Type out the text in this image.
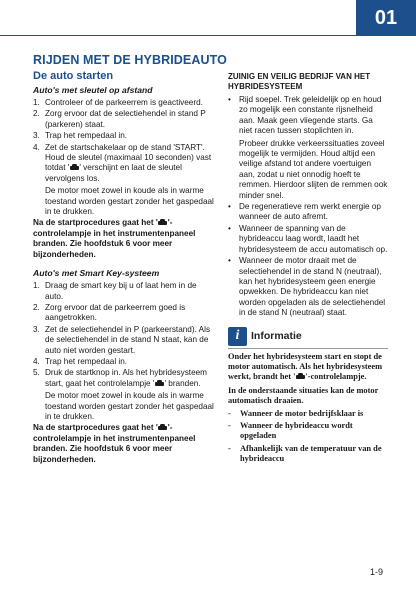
01
RIJDEN MET DE HYBRIDEAUTO
De auto starten
Auto's met sleutel op afstand
1. Controleer of de parkeerrem is geactiveerd.
2. Zorg ervoor dat de selectiehendel in stand P (parkeren) staat.
3. Trap het rempedaal in.
4. Zet de startschakelaar op de stand 'START'. Houd de sleutel (maximaal 10 seconden) vast totdat ' ' verschijnt en laat de sleutel vervolgens los.
De motor moet zowel in koude als in warme toestand worden gestart zonder het gaspedaal in te drukken.
Na de startprocedures gaat het ' '-controlelampje in het instrumentenpaneel branden. Zie hoofdstuk 6 voor meer bijzonderheden.
Auto's met Smart Key-systeem
1. Draag de smart key bij u of laat hem in de auto.
2. Zorg ervoor dat de parkeerrem goed is aangetrokken.
3. Zet de selectiehendel in P (parkeerstand). Als de selectiehendel in de stand N staat, kan de auto niet worden gestart.
4. Trap het rempedaal in.
5. Druk de startknop in. Als het hybridesysteem start, gaat het controlelampje ' ' branden.
De motor moet zowel in koude als in warme toestand worden gestart zonder het gaspedaal in te drukken.
Na de startprocedures gaat het ' '-controlelampje in het instrumentenpaneel branden. Zie hoofdstuk 6 voor meer bijzonderheden.
ZUINIG EN VEILIG BEDRIJF VAN HET HYBRIDESYSTEEM
• Rijd soepel. Trek geleidelijk op en houd zo mogelijk een constante rijsnelheid aan. Maak geen vliegende starts. Ga niet racen tussen stoplichten in.
Probeer drukke verkeerssituaties zoveel mogelijk te vermijden. Houd altijd een veilige afstand tot andere voertuigen aan, zodat u niet onnodig hoeft te remmen. Hierdoor slijten de remmen ook minder snel.
• De regeneratieve rem werkt energie op wanneer de auto afremt.
• Wanneer de spanning van de hybrideaccu laag wordt, laadt het hybridesysteem de accu automatisch op.
• Wanneer de motor draait met de selectiehendel in de stand N (neutraal), kan het hybridesysteem geen energie opwekken. De hybrideaccu kan niet worden opgeladen als de selectiehendel in de stand N (neutraal) staat.
i	Informatie
Onder het hybridesysteem start en stopt de motor automatisch. Als het hybridesysteem werkt, brandt het ' '-controlelampje.
In de onderstaande situaties kan de motor automatisch draaien.
-	Wanneer de motor bedrijfsklaar is
-	Wanneer de hybrideaccu wordt opgeladen
-	Afhankelijk van de temperatuur van de hybrideaccu
1-9
